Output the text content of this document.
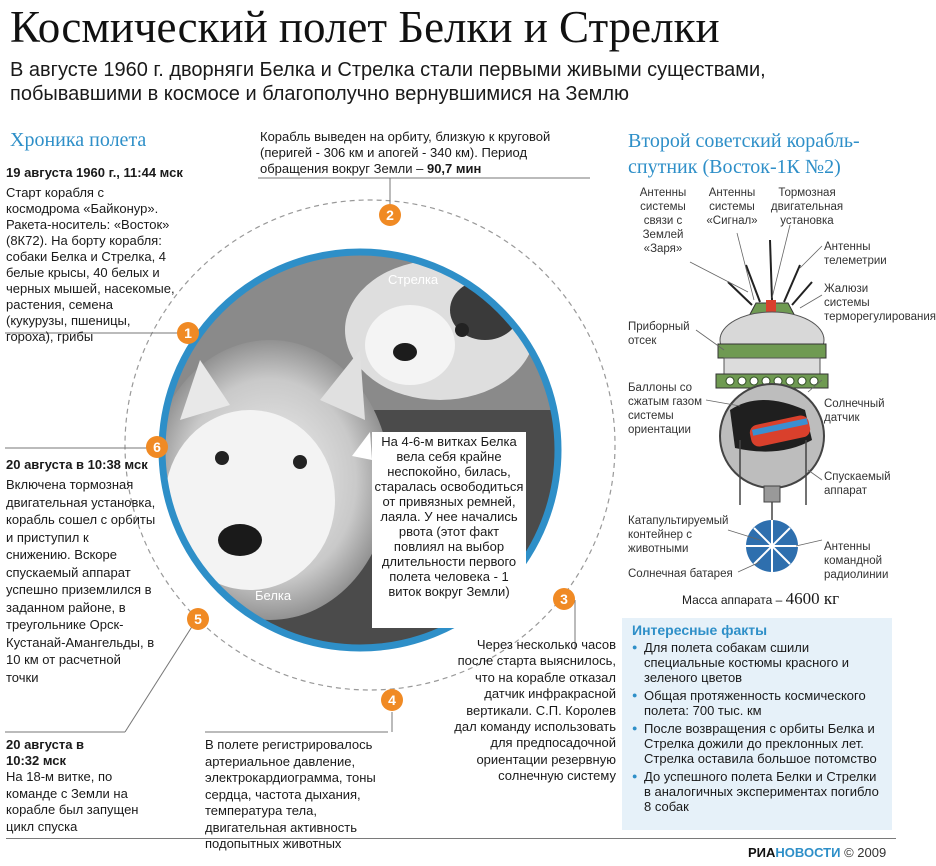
Космический полет Белки и Стрелки
В августе 1960 г. дворняги Белка и Стрелка стали первыми живыми существами, побывавшими в космосе и благополучно вернувшимися на Землю
Хроника полета	Второй советский корабль-спутник (Восток-1К №2)
1
2
3
4
5
6
19 августа 1960 г., 11:44 мск
Старт корабля с космодрома «Байконур». Ракета-носитель: «Восток» (8К72). На борту корабля: собаки Белка и Стрелка, 4 белые крысы, 40 белых и черных мышей, насекомые, растения, семена (кукурузы, пшеницы, гороха), грибы
Корабль выведен на орбиту, близкую к круговой (перигей - 306 км и апогей - 340 км). Период обращения вокруг Земли – 90,7 мин
20 августа в 10:38 мск
Включена тормозная двигательная установка, корабль сошел с орбиты и приступил к снижению. Вскоре спускаемый аппарат успешно приземлился в заданном районе, в треугольнике Орск-Кустанай-Амангельды, в 10 км от расчетной точки
20 августа в 10:32 мск
На 18-м витке, по команде с Земли на корабле был запущен цикл спуска
В полете регистрировалось артериальное давление, электрокардиограмма, тоны сердца, частота дыхания, температура тела, двигательная активность подопытных животных
Через несколько часов после старта выяснилось, что на корабле отказал датчик инфракрасной вертикали. С.П. Королев дал команду использовать для предпосадочной ориентации резервную солнечную систему
Стрелка
Белка
На 4-6-м витках Белка вела себя крайне неспокойно, билась, старалась освободиться от привязных ремней, лаяла. У нее начались рвота (этот факт повлиял на выбор длительности первого полета человека - 1 виток вокруг Земли)
Антенны системы связи с Землей «Заря»
Антенны системы «Сигнал»
Тормозная двигательная установка
Антенны телеметрии
Жалюзи системы терморегулирования
Приборный отсек
Баллоны со сжатым газом системы ориентации
Солнечный датчик
Спускаемый аппарат
Катапультируемый контейнер с животными	Антенны командной радиолинии
Солнечная батарея
Масса аппарата – 4600 кг
Интересные факты
● Для полета собакам сшили специальные костюмы красного и зеленого цветов
● Общая протяженность космического полета: 700 тыс. км
● После возвращения с орбиты Белка и Стрелка дожили до преклонных лет. Стрелка оставила большое потомство
● До успешного полета Белки и Стрелки в аналогичных экспериментах погибло 8 собак
РИАНОВОСТИ © 2009
